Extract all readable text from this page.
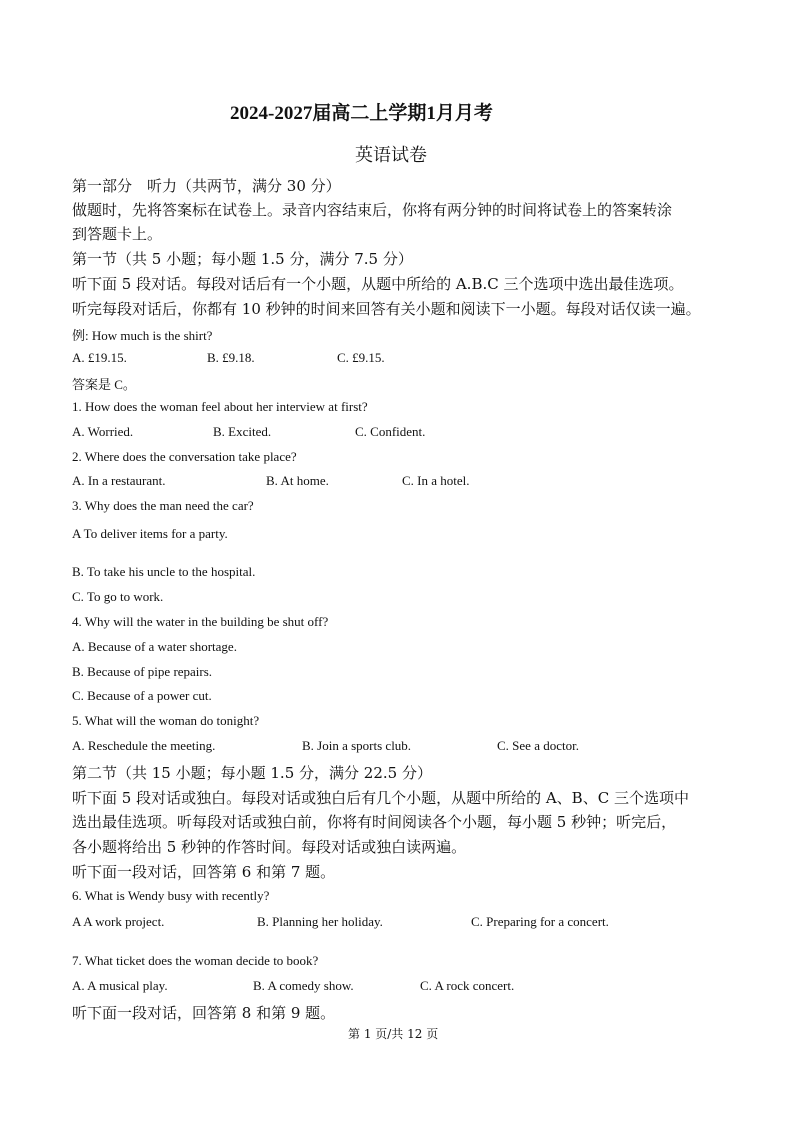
2024-2027届高二上学期1月月考
英语试卷
第一部分　听力（共两节，满分 30 分）
做题时，先将答案标在试卷上。录音内容结束后，你将有两分钟的时间将试卷上的答案转涂
到答题卡上。
第一节（共 5 小题；每小题 1.5 分，满分 7.5 分）
听下面 5 段对话。每段对话后有一个小题，从题中所给的 A.B.C 三个选项中选出最佳选项。
听完每段对话后，你都有 10 秒钟的时间来回答有关小题和阅读下一小题。每段对话仅读一遍。
例: How much is the shirt?
A. £19.15.	B. £9.18.	C. £9.15.
答案是 C。
1. How does the woman feel about her interview at first?
A. Worried.	B. Excited.	C. Confident.
2. Where does the conversation take place?
A. In a restaurant.	B. At home.	C. In a hotel.
3. Why does the man need the car?
A To deliver items for a party.
B. To take his uncle to the hospital.
C. To go to work.
4. Why will the water in the building be shut off?
A. Because of a water shortage.
B. Because of pipe repairs.
C. Because of a power cut.
5. What will the woman do tonight?
A. Reschedule the meeting.	B. Join a sports club.	C. See a doctor.
第二节（共 15 小题；每小题 1.5 分，满分 22.5 分）
听下面 5 段对话或独白。每段对话或独白后有几个小题，从题中所给的 A、B、C 三个选项中
选出最佳选项。听每段对话或独白前，你将有时间阅读各个小题，每小题 5 秒钟；听完后，
各小题将给出 5 秒钟的作答时间。每段对话或独白读两遍。
听下面一段对话，回答第 6 和第 7 题。
6. What is Wendy busy with recently?
A A work project.	B. Planning her holiday.	C. Preparing for a concert.
7. What ticket does the woman decide to book?
A. A musical play.	B. A comedy show.	C. A rock concert.
听下面一段对话，回答第 8 和第 9 题。
第 1 页/共 12 页
